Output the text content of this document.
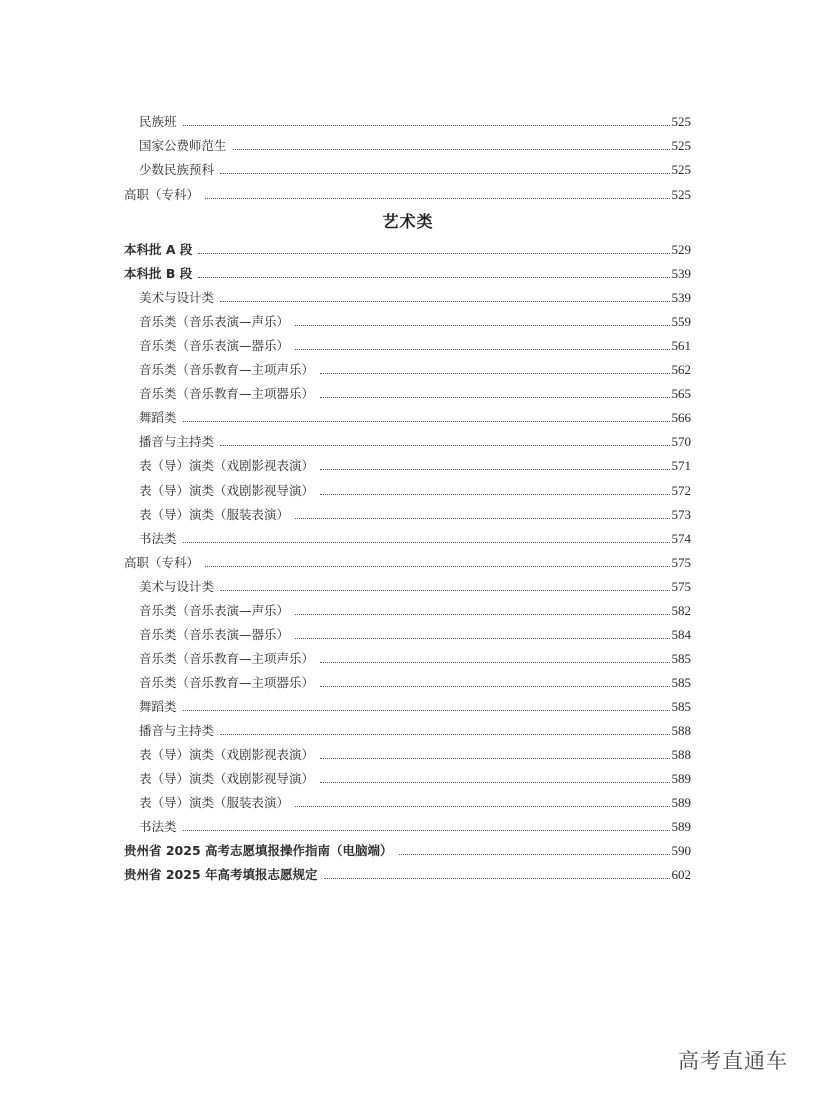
民族班	525
国家公费师范生	525
少数民族预科	525
高职（专科）	525
艺术类
本科批 A 段	529
本科批 B 段	539
美术与设计类	539
音乐类（音乐表演—声乐）	559
音乐类（音乐表演—器乐）	561
音乐类（音乐教育—主项声乐）	562
音乐类（音乐教育—主项器乐）	565
舞蹈类	566
播音与主持类	570
表（导）演类（戏剧影视表演）	571
表（导）演类（戏剧影视导演）	572
表（导）演类（服装表演）	573
书法类	574
高职（专科）	575
美术与设计类	575
音乐类（音乐表演—声乐）	582
音乐类（音乐表演—器乐）	584
音乐类（音乐教育—主项声乐）	585
音乐类（音乐教育—主项器乐）	585
舞蹈类	585
播音与主持类	588
表（导）演类（戏剧影视表演）	588
表（导）演类（戏剧影视导演）	589
表（导）演类（服装表演）	589
书法类	589
贵州省 2025 高考志愿填报操作指南（电脑端）	590
贵州省 2025 年高考填报志愿规定	602
高考直通车
